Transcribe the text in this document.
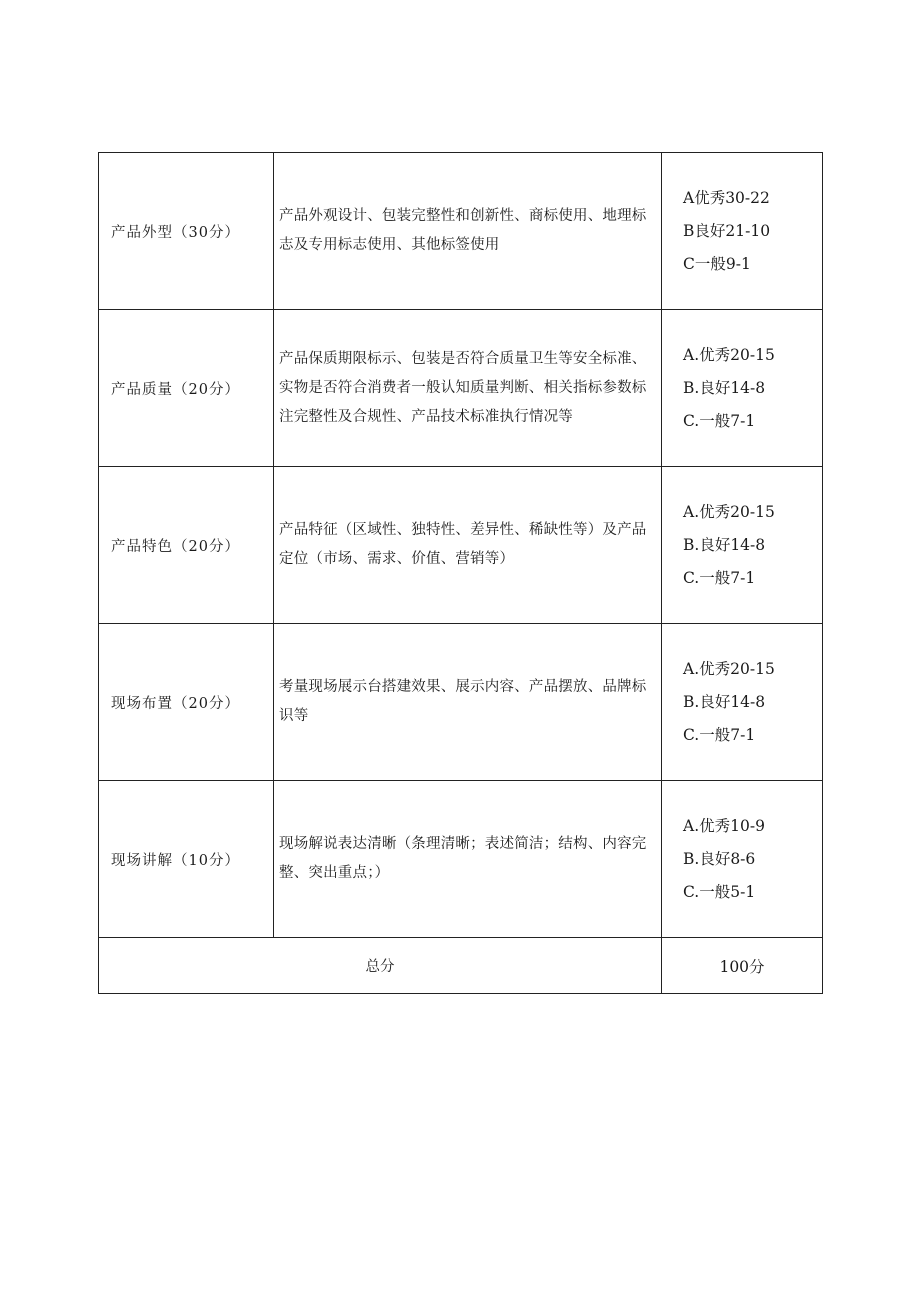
产品外型（30分）	产品外观设计、包装完整性和创新性、商标使用、地理标志及专用标志使用、其他标签使用	A优秀30-22
B良好21-10
C一般9-1

产品质量（20分）	产品保质期限标示、包装是否符合质量卫生等安全标准、实物是否符合消费者一般认知质量判断、相关指标参数标注完整性及合规性、产品技术标准执行情况等	A.优秀20-15
B.良好14-8
C.一般7-1

产品特色（20分）	产品特征（区域性、独特性、差异性、稀缺性等）及产品定位（市场、需求、价值、营销等）	A.优秀20-15
B.良好14-8
C.一般7-1

现场布置（20分）	考量现场展示台搭建效果、展示内容、产品摆放、品牌标识等	A.优秀20-15
B.良好14-8
C.一般7-1

现场讲解（10分）	现场解说表达清晰（条理清晰；表述简洁；结构、内容完整、突出重点；）	A.优秀10-9
B.良好8-6
C.一般5-1

总分		100分
